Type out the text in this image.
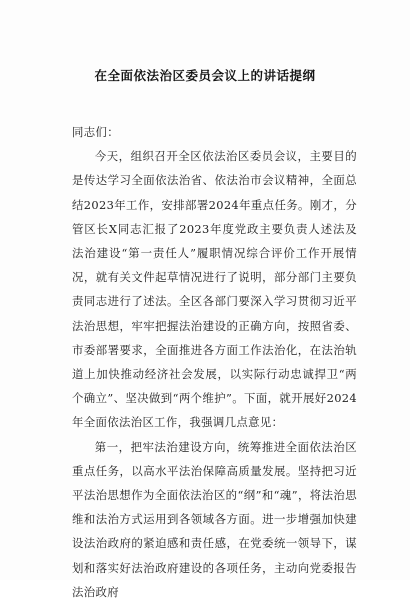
在全面依法治区委员会议上的讲话提纲
同志们：

今天，组织召开全区依法治区委员会议，主要目的是传达学习全面依法治省、依法治市会议精神，全面总结2023年工作，安排部署2024年重点任务。刚才，分管区长X同志汇报了2023年度党政主要负责人述法及法治建设“第一责任人”履职情况综合评价工作开展情况，就有关文件起草情况进行了说明，部分部门主要负责同志进行了述法。全区各部门要深入学习贯彻习近平法治思想，牢牢把握法治建设的正确方向，按照省委、市委部署要求，全面推进各方面工作法治化，在法治轨道上加快推动经济社会发展，以实际行动忠诚捍卫“两个确立”、坚决做到“两个维护”。下面，就开展好2024年全面依法治区工作，我强调几点意见：

第一，把牢法治建设方向，统筹推进全面依法治区重点任务，以高水平法治保障高质量发展。坚持把习近平法治思想作为全面依法治区的“纲”和“魂”，将法治思维和法治方式运用到各领域各方面。进一步增强加快建设法治政府的紧迫感和责任感，在党委统一领导下，谋划和落实好法治政府建设的各项任务，主动向党委报告法治政府
